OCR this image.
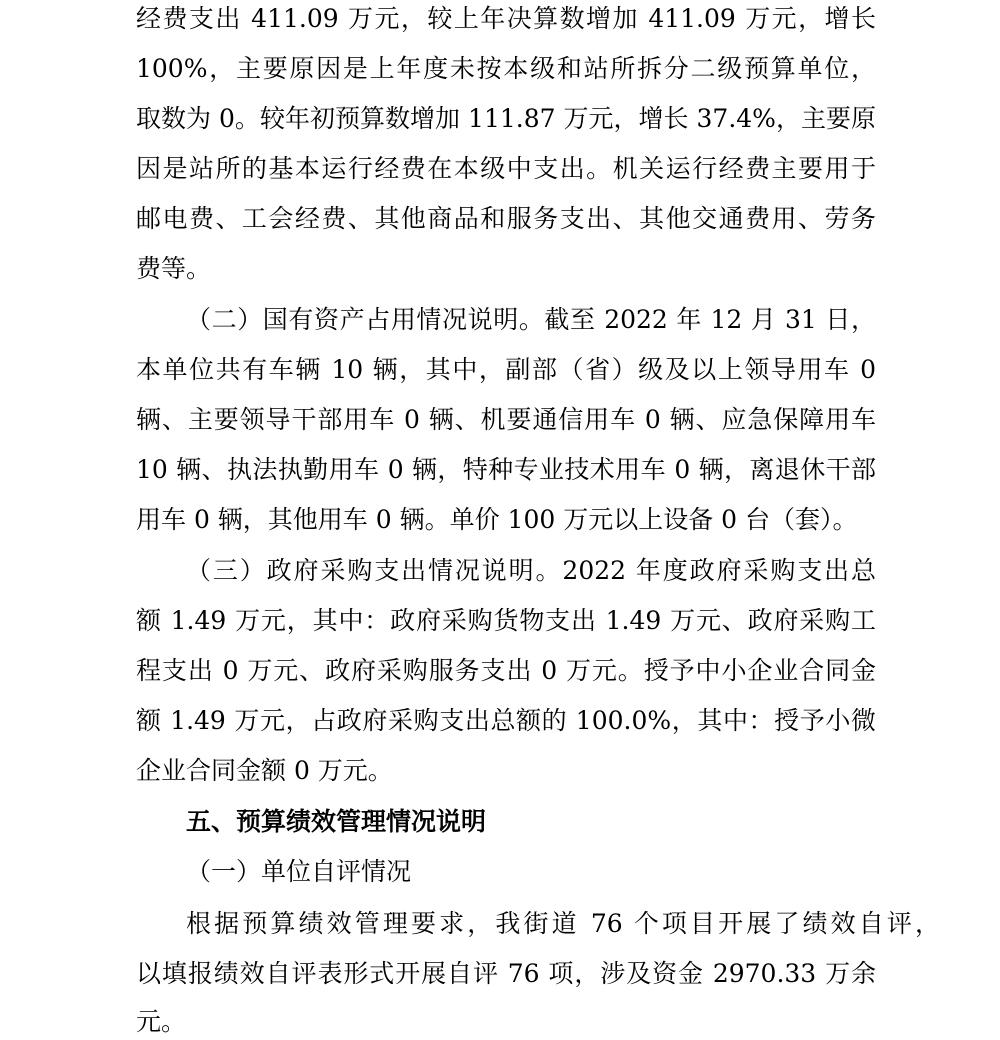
经费支出 411.09 万元，较上年决算数增加 411.09 万元，增长
100%，主要原因是上年度未按本级和站所拆分二级预算单位，
取数为 0。较年初预算数增加 111.87 万元，增长 37.4%，主要原
因是站所的基本运行经费在本级中支出。机关运行经费主要用于
邮电费、工会经费、其他商品和服务支出、其他交通费用、劳务
费等。
（二）国有资产占用情况说明。截至 2022 年 12 月 31 日，
本单位共有车辆 10 辆，其中，副部（省）级及以上领导用车 0
辆、主要领导干部用车 0 辆、机要通信用车 0 辆、应急保障用车
10 辆、执法执勤用车 0 辆，特种专业技术用车 0 辆，离退休干部
用车 0 辆，其他用车 0 辆。单价 100 万元以上设备 0 台（套）。
（三）政府采购支出情况说明。2022 年度政府采购支出总
额 1.49 万元，其中：政府采购货物支出 1.49 万元、政府采购工
程支出 0 万元、政府采购服务支出 0 万元。授予中小企业合同金
额 1.49 万元，占政府采购支出总额的 100.0%，其中：授予小微
企业合同金额 0 万元。
五、预算绩效管理情况说明
（一）单位自评情况
根据预算绩效管理要求，我街道 76 个项目开展了绩效自评，
以填报绩效自评表形式开展自评 76 项，涉及资金 2970.33 万余
元。
